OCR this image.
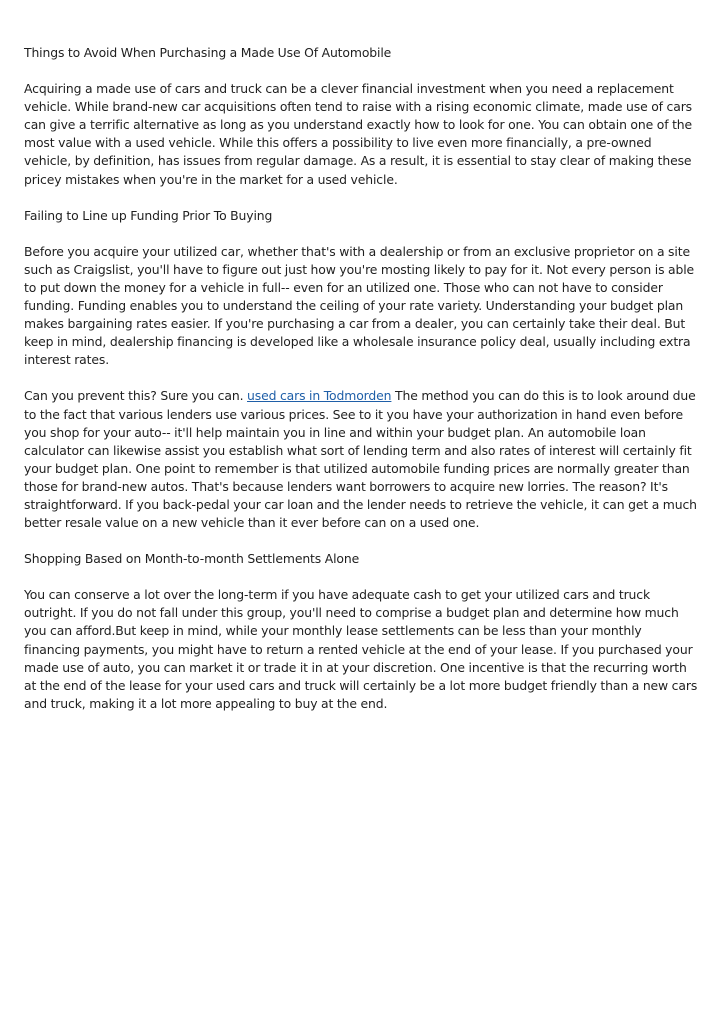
Things to Avoid When Purchasing a Made Use Of Automobile

Acquiring a made use of cars and truck can be a clever financial investment when you need a replacement vehicle. While brand-new car acquisitions often tend to raise with a rising economic climate, made use of cars can give a terrific alternative as long as you understand exactly how to look for one. You can obtain one of the most value with a used vehicle. While this offers a possibility to live even more financially, a pre-owned vehicle, by definition, has issues from regular damage. As a result, it is essential to stay clear of making these pricey mistakes when you're in the market for a used vehicle.

Failing to Line up Funding Prior To Buying

Before you acquire your utilized car, whether that's with a dealership or from an exclusive proprietor on a site such as Craigslist, you'll have to figure out just how you're mosting likely to pay for it. Not every person is able to put down the money for a vehicle in full-- even for an utilized one. Those who can not have to consider funding. Funding enables you to understand the ceiling of your rate variety. Understanding your budget plan makes bargaining rates easier. If you're purchasing a car from a dealer, you can certainly take their deal. But keep in mind, dealership financing is developed like a wholesale insurance policy deal, usually including extra interest rates.

Can you prevent this? Sure you can. used cars in Todmorden The method you can do this is to look around due to the fact that various lenders use various prices. See to it you have your authorization in hand even before you shop for your auto-- it'll help maintain you in line and within your budget plan. An automobile loan calculator can likewise assist you establish what sort of lending term and also rates of interest will certainly fit your budget plan. One point to remember is that utilized automobile funding prices are normally greater than those for brand-new autos. That's because lenders want borrowers to acquire new lorries. The reason? It's straightforward. If you back-pedal your car loan and the lender needs to retrieve the vehicle, it can get a much better resale value on a new vehicle than it ever before can on a used one.

Shopping Based on Month-to-month Settlements Alone

You can conserve a lot over the long-term if you have adequate cash to get your utilized cars and truck outright. If you do not fall under this group, you'll need to comprise a budget plan and determine how much you can afford.But keep in mind, while your monthly lease settlements can be less than your monthly financing payments, you might have to return a rented vehicle at the end of your lease. If you purchased your made use of auto, you can market it or trade it in at your discretion. One incentive is that the recurring worth at the end of the lease for your used cars and truck will certainly be a lot more budget friendly than a new cars and truck, making it a lot more appealing to buy at the end.
